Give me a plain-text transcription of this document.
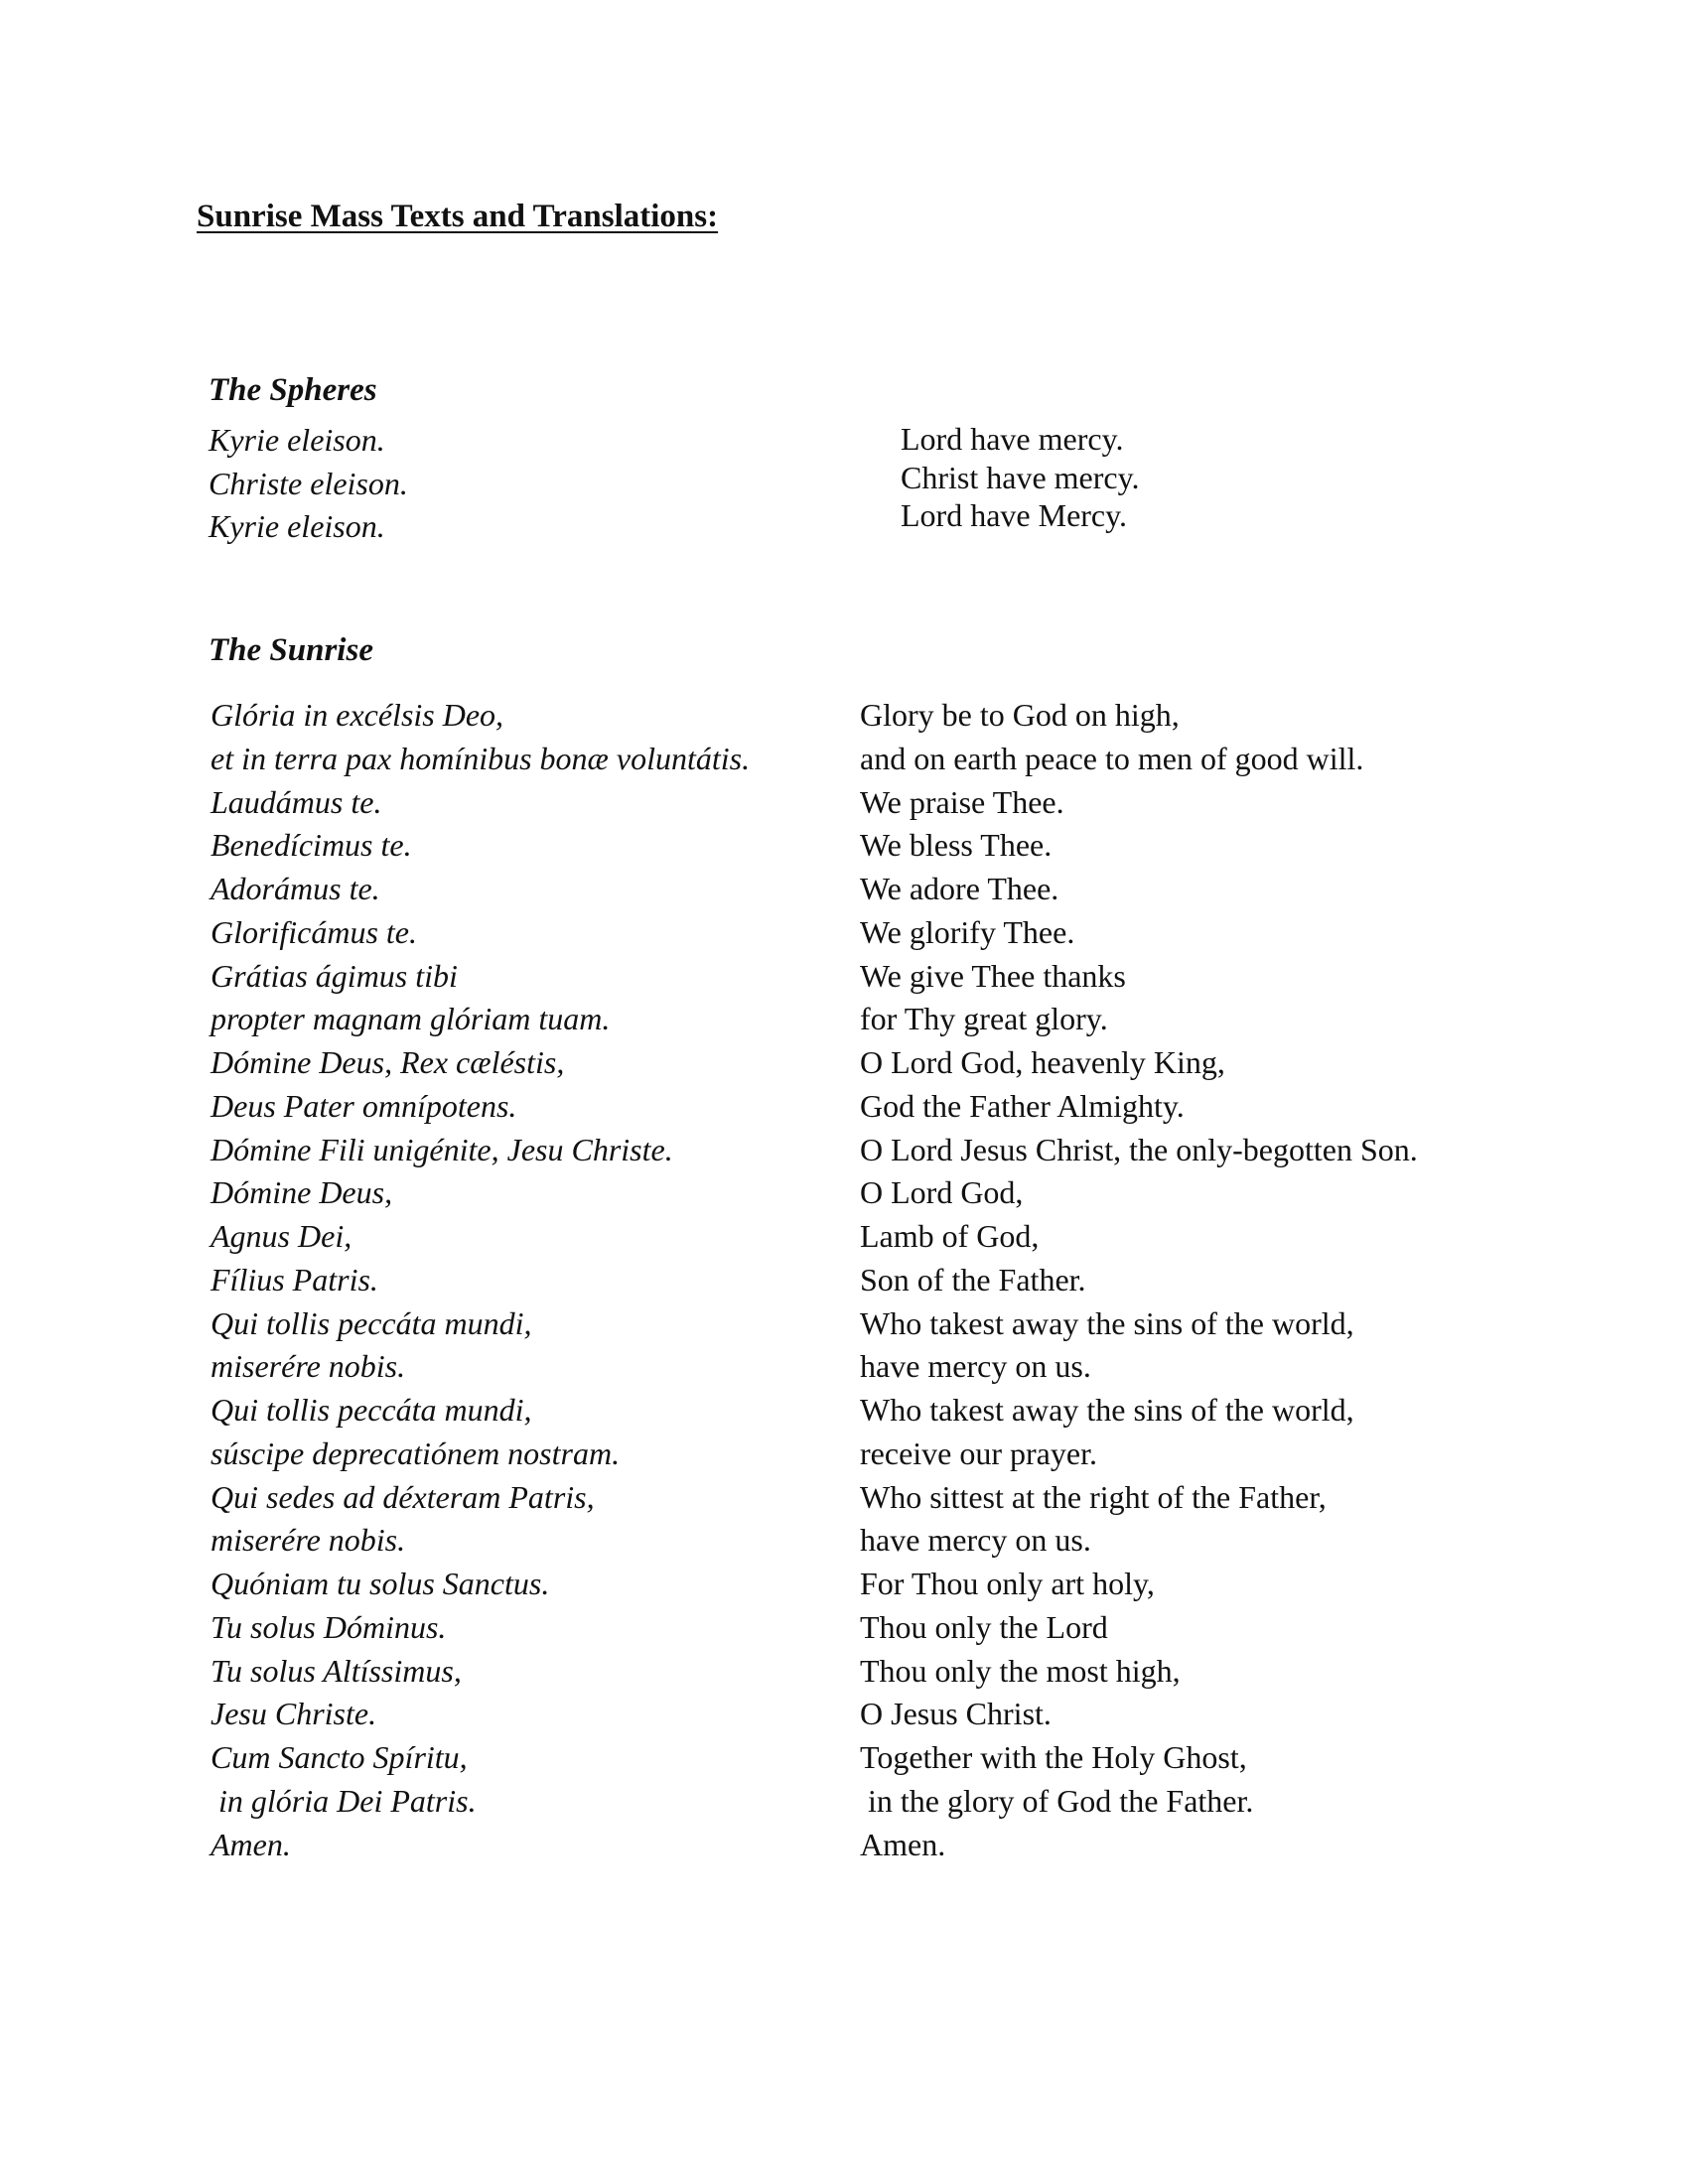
Sunrise Mass Texts and Translations:
The Spheres
Kyrie eleison.
Christe eleison.
Kyrie eleison.
Lord have mercy.
Christ have mercy.
Lord have Mercy.
The Sunrise
Glória in excélsis Deo,
et in terra pax homínibus bonæ voluntátis.
Laudámus te.
Benedícimus te.
Adorámus te.
Glorificámus te.
Grátias ágimus tibi
propter magnam glóriam tuam.
Dómine Deus, Rex cæléstis,
Deus Pater omnípotens.
Dómine Fili unigénite, Jesu Christe.
Dómine Deus,
Agnus Dei,
Fílius Patris.
Qui tollis peccáta mundi,
miserére nobis.
Qui tollis peccáta mundi,
súscipe deprecatiónem nostram.
Qui sedes ad déxteram Patris,
miserére nobis.
Quóniam tu solus Sanctus.
Tu solus Dóminus.
Tu solus Altíssimus,
Jesu Christe.
Cum Sancto Spíritu,
in glória Dei Patris.
Amen.
Glory be to God on high,
and on earth peace to men of good will.
We praise Thee.
We bless Thee.
We adore Thee.
We glorify Thee.
We give Thee thanks
for Thy great glory.
O Lord God, heavenly King,
God the Father Almighty.
O Lord Jesus Christ, the only-begotten Son.
O Lord God,
Lamb of God,
Son of the Father.
Who takest away the sins of the world,
have mercy on us.
Who takest away the sins of the world,
receive our prayer.
Who sittest at the right of the Father,
have mercy on us.
For Thou only art holy,
Thou only the Lord
Thou only the most high,
O Jesus Christ.
Together with the Holy Ghost,
in the glory of God the Father.
Amen.
